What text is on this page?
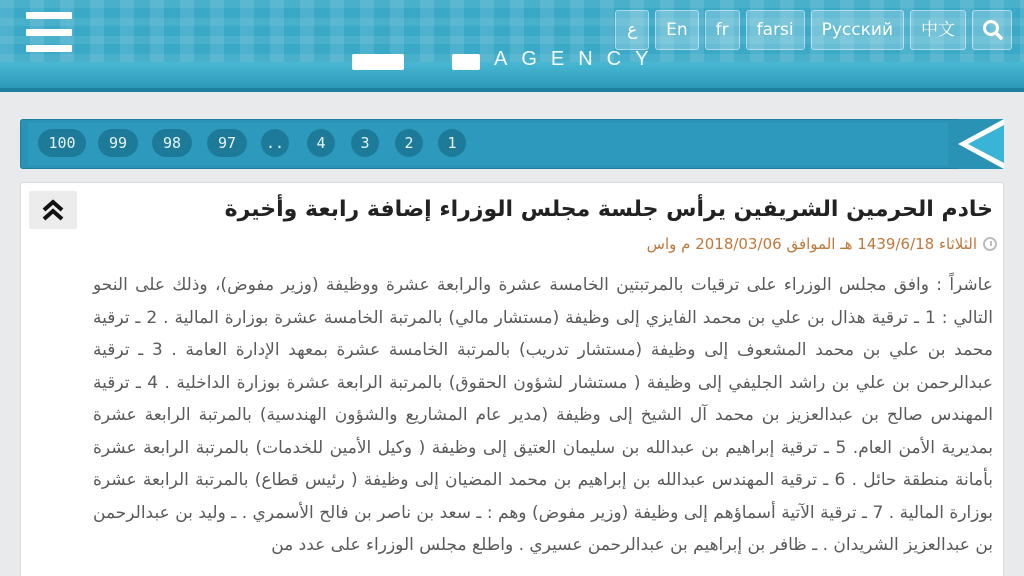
AGENCY
ع	En	fr	farsi	Русский	中文
100	99	98	97	..	4	3	2	1
خادم الحرمين الشريفين يرأس جلسة مجلس الوزراء إضافة رابعة وأخيرة
الثلاثاء 1439/6/18 هـ الموافق 2018/03/06 م واس
عاشراً : وافق مجلس الوزراء على ترقيات بالمرتبتين الخامسة عشرة والرابعة عشرة ووظيفة (وزير مفوض)، وذلك على النحو التالي : 1 ـ ترقية هذال بن علي بن محمد الفايزي إلى وظيفة (مستشار مالي) بالمرتبة الخامسة عشرة بوزارة المالية . 2 ـ ترقية محمد بن علي بن محمد المشعوف إلى وظيفة (مستشار تدريب) بالمرتبة الخامسة عشرة بمعهد الإدارة العامة . 3 ـ ترقية عبدالرحمن بن علي بن راشد الجليفي إلى وظيفة ( مستشار لشؤون الحقوق) بالمرتبة الرابعة عشرة بوزارة الداخلية . 4 ـ ترقية المهندس صالح بن عبدالعزيز بن محمد آل الشيخ إلى وظيفة (مدير عام المشاريع والشؤون الهندسية) بالمرتبة الرابعة عشرة بمديرية الأمن العام. 5 ـ ترقية إبراهيم بن عبدالله بن سليمان العتيق إلى وظيفة ( وكيل الأمين للخدمات) بالمرتبة الرابعة عشرة بأمانة منطقة حائل . 6 ـ ترقية المهندس عبدالله بن إبراهيم بن محمد المضيان إلى وظيفة ( رئيس قطاع) بالمرتبة الرابعة عشرة بوزارة المالية . 7 ـ ترقية الآتية أسماؤهم إلى وظيفة (وزير مفوض) وهم : ـ سعد بن ناصر بن فالح الأسمري . ـ وليد بن عبدالرحمن بن عبدالعزيز الشريدان . ـ ظافر بن إبراهيم بن عبدالرحمن عسيري . واطلع مجلس الوزراء على عدد من
